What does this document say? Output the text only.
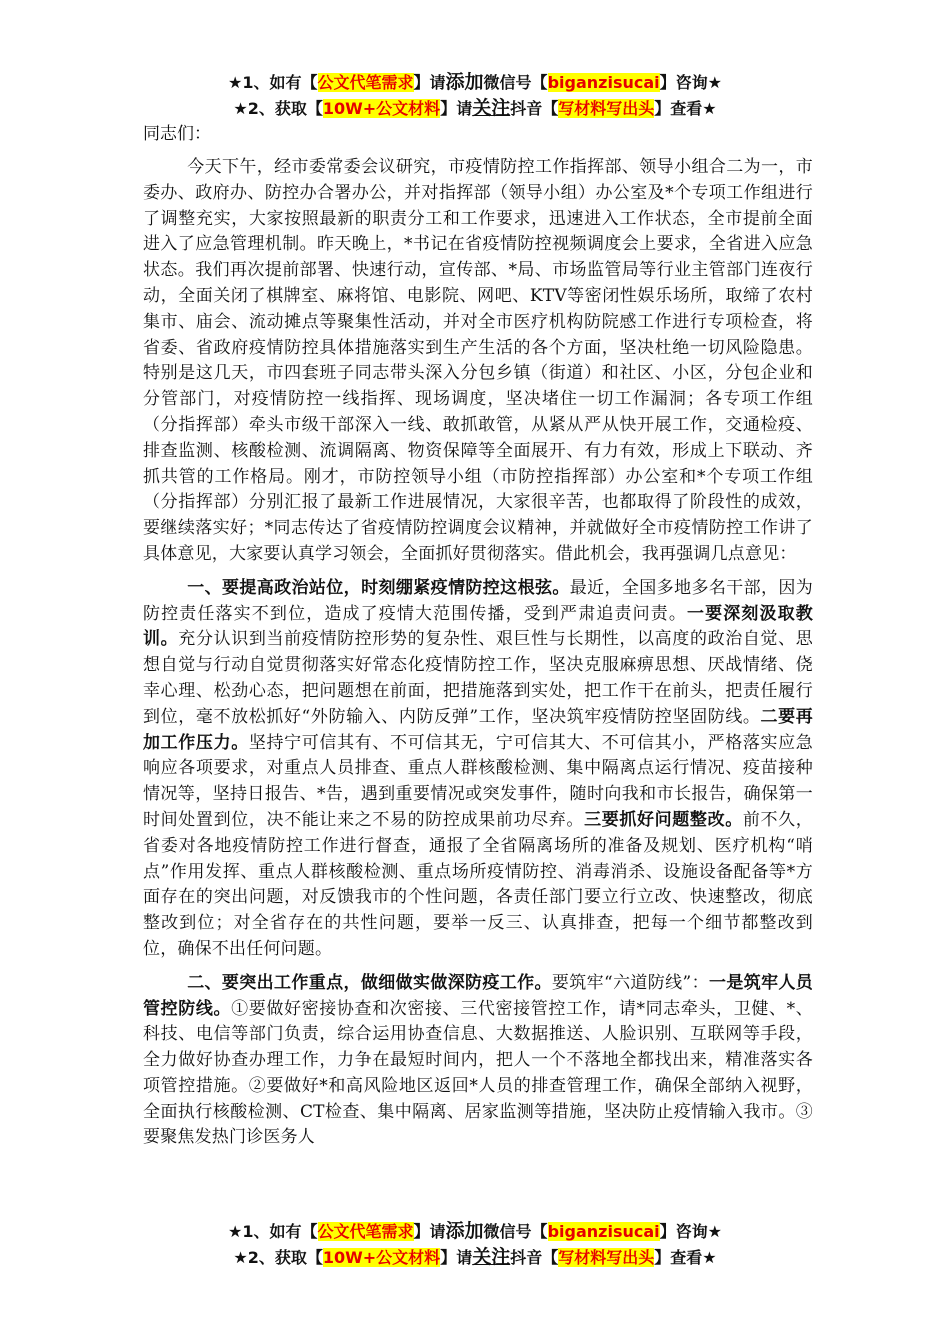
★1、如有【公文代笔需求】请添加微信号【biganzisucai】咨询★
★2、获取【10W+公文材料】请关注抖音【写材料写出头】查看★
同志们：

今天下午，经市委常委会议研究，市疫情防控工作指挥部、领导小组合二为一，市委办、政府办、防控办合署办公，并对指挥部（领导小组）办公室及*个专项工作组进行了调整充实，大家按照最新的职责分工和工作要求，迅速进入工作状态，全市提前全面进入了应急管理机制。昨天晚上，*书记在省疫情防控视频调度会上要求，全省进入应急状态。我们再次提前部署、快速行动，宣传部、*局、市场监管局等行业主管部门连夜行动，全面关闭了棋牌室、麻将馆、电影院、网吧、KTV等密闭性娱乐场所，取缔了农村集市、庙会、流动摊点等聚集性活动，并对全市医疗机构防院感工作进行专项检查，将省委、省政府疫情防控具体措施落实到生产生活的各个方面，坚决杜绝一切风险隐患。特别是这几天，市四套班子同志带头深入分包乡镇（街道）和社区、小区，分包企业和分管部门，对疫情防控一线指挥、现场调度，坚决堵住一切工作漏洞；各专项工作组（分指挥部）牵头市级干部深入一线、敢抓敢管，从紧从严从快开展工作，交通检疫、排查监测、核酸检测、流调隔离、物资保障等全面展开、有力有效，形成上下联动、齐抓共管的工作格局。刚才，市防控领导小组（市防控指挥部）办公室和*个专项工作组（分指挥部）分别汇报了最新工作进展情况，大家很辛苦，也都取得了阶段性的成效，要继续落实好；*同志传达了省疫情防控调度会议精神，并就做好全市疫情防控工作讲了具体意见，大家要认真学习领会，全面抓好贯彻落实。借此机会，我再强调几点意见：

一、要提高政治站位，时刻绷紧疫情防控这根弦。最近，全国多地多名干部，因为防控责任落实不到位，造成了疫情大范围传播，受到严肃追责问责。一要深刻汲取教训。充分认识到当前疫情防控形势的复杂性、艰巨性与长期性，以高度的政治自觉、思想自觉与行动自觉贯彻落实好常态化疫情防控工作，坚决克服麻痹思想、厌战情绪、侥幸心理、松劲心态，把问题想在前面，把措施落到实处，把工作干在前头，把责任履行到位，毫不放松抓好“外防输入、内防反弹”工作，坚决筑牢疫情防控坚固防线。二要再加工作压力。坚持宁可信其有、不可信其无，宁可信其大、不可信其小，严格落实应急响应各项要求，对重点人员排查、重点人群核酸检测、集中隔离点运行情况、疫苗接种情况等，坚持日报告、*告，遇到重要情况或突发事件，随时向我和市长报告，确保第一时间处置到位，决不能让来之不易的防控成果前功尽弃。三要抓好问题整改。前不久，省委对各地疫情防控工作进行督查，通报了全省隔离场所的准备及规划、医疗机构“哨点”作用发挥、重点人群核酸检测、重点场所疫情防控、消毒消杀、设施设备配备等*方面存在的突出问题，对反馈我市的个性问题，各责任部门要立行立改、快速整改，彻底整改到位；对全省存在的共性问题，要举一反三、认真排查，把每一个细节都整改到位，确保不出任何问题。

二、要突出工作重点，做细做实做深防疫工作。要筑牢“六道防线”：一是筑牢人员管控防线。①要做好密接协查和次密接、三代密接管控工作，请*同志牵头，卫健、*、科技、电信等部门负责，综合运用协查信息、大数据推送、人脸识别、互联网等手段，全力做好协查办理工作，力争在最短时间内，把人一个不落地全都找出来，精准落实各项管控措施。②要做好*和高风险地区返回*人员的排查管理工作，确保全部纳入视野，全面执行核酸检测、CT检查、集中隔离、居家监测等措施，坚决防止疫情输入我市。③要聚焦发热门诊医务人

★1、如有【公文代笔需求】请添加微信号【biganzisucai】咨询★
★2、获取【10W+公文材料】请关注抖音【写材料写出头】查看★
